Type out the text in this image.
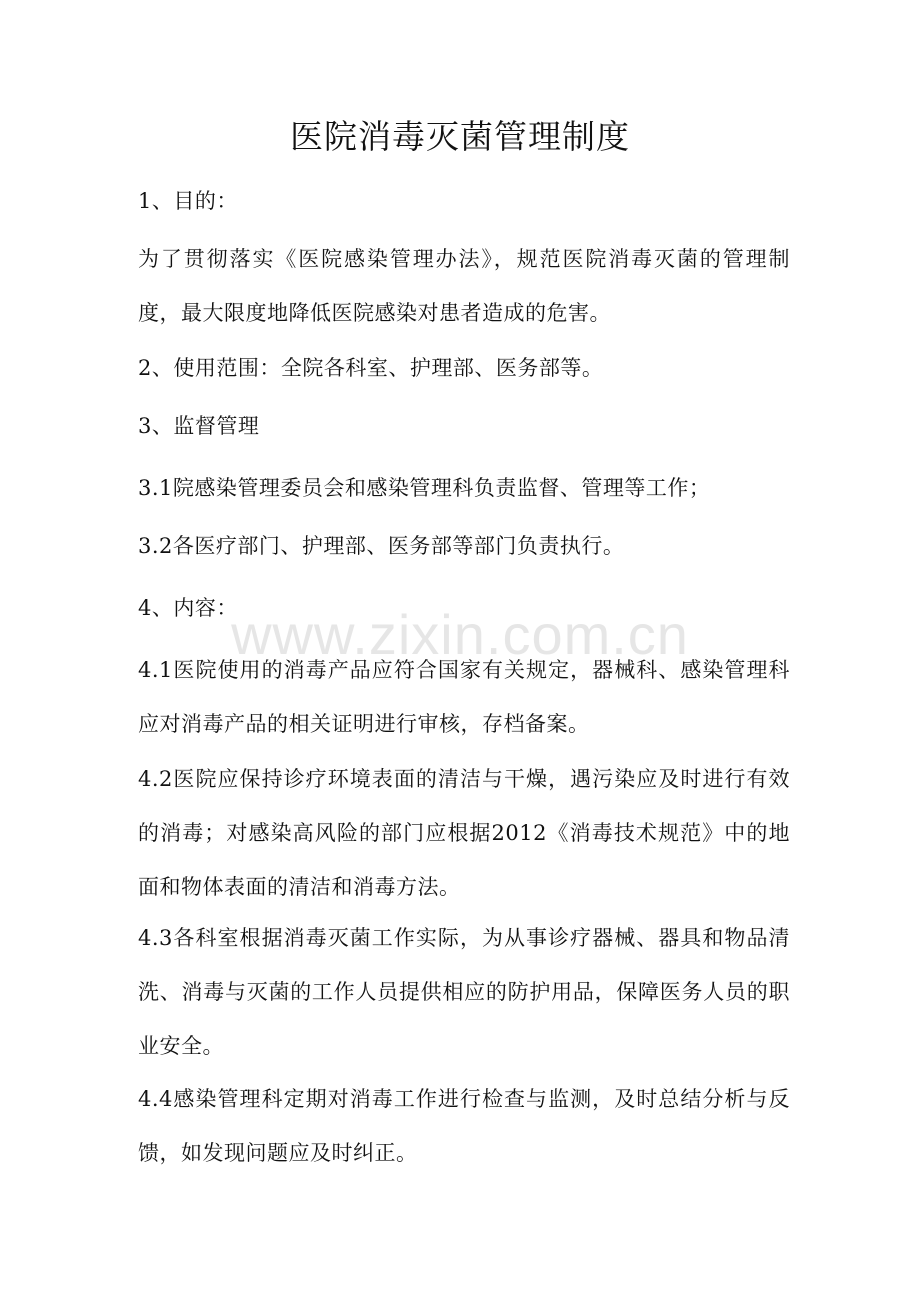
医院消毒灭菌管理制度

1、目的：

为了贯彻落实《医院感染管理办法》，规范医院消毒灭菌的管理制度，最大限度地降低医院感染对患者造成的危害。

2、使用范围：全院各科室、护理部、医务部等。

3、监督管理

3.1院感染管理委员会和感染管理科负责监督、管理等工作；

3.2各医疗部门、护理部、医务部等部门负责执行。

4、内容：

4.1医院使用的消毒产品应符合国家有关规定，器械科、感染管理科应对消毒产品的相关证明进行审核，存档备案。

4.2医院应保持诊疗环境表面的清洁与干燥，遇污染应及时进行有效的消毒；对感染高风险的部门应根据2012《消毒技术规范》中的地面和物体表面的清洁和消毒方法。

4.3各科室根据消毒灭菌工作实际，为从事诊疗器械、器具和物品清洗、消毒与灭菌的工作人员提供相应的防护用品，保障医务人员的职业安全。

4.4感染管理科定期对消毒工作进行检查与监测，及时总结分析与反馈，如发现问题应及时纠正。

www.zixin.com.cn
